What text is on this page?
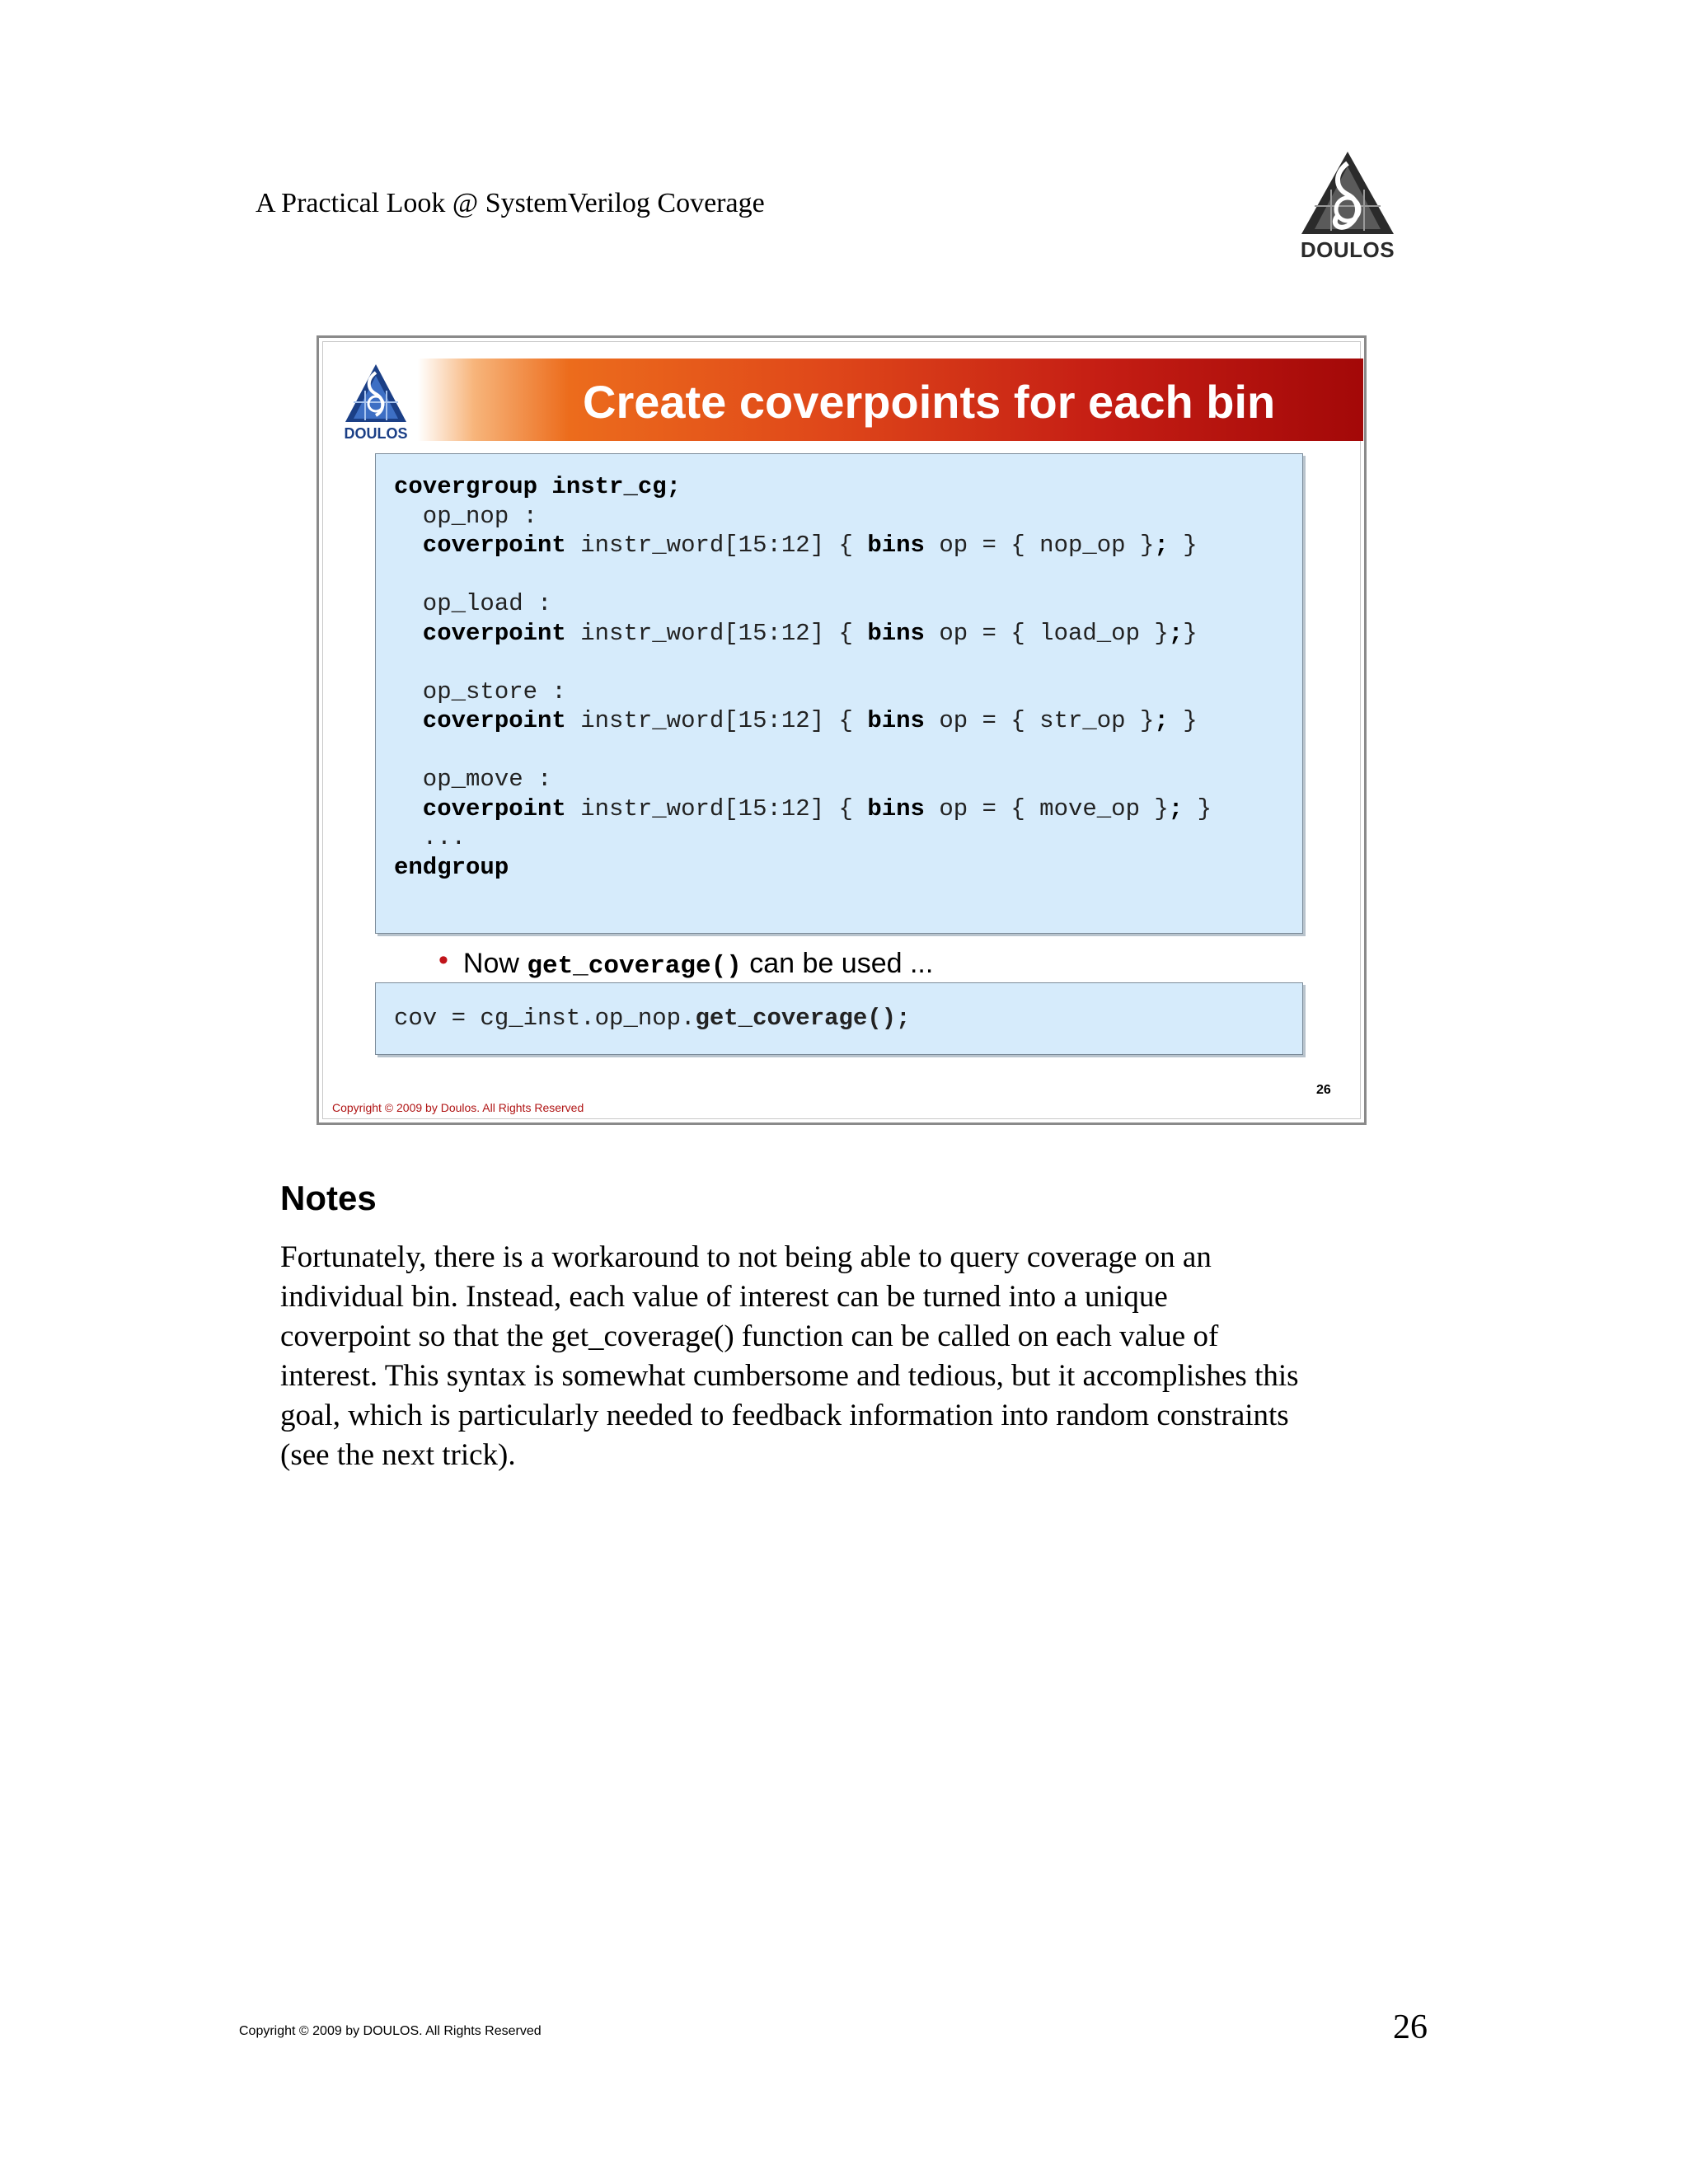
A Practical Look @ SystemVerilog Coverage
DOULOS
Create coverpoints for each bin
DOULOS
covergroup instr_cg;
op_nop :
coverpoint instr_word[15:12] { bins op = { nop_op }; }

op_load :
coverpoint instr_word[15:12] { bins op = { load_op };}

op_store :
coverpoint instr_word[15:12] { bins op = { str_op }; }

op_move :
coverpoint instr_word[15:12] { bins op = { move_op }; }
...
endgroup
• Now get_coverage() can be used ...
cov = cg_inst.op_nop.get_coverage();
26
Copyright © 2009 by Doulos. All Rights Reserved
Notes
Fortunately, there is a workaround to not being able to query coverage on an
individual bin. Instead, each value of interest can be turned into a unique
coverpoint so that the get_coverage() function can be called on each value of
interest. This syntax is somewhat cumbersome and tedious, but it accomplishes this
goal, which is particularly needed to feedback information into random constraints
(see the next trick).
Copyright © 2009 by DOULOS. All Rights Reserved	26
